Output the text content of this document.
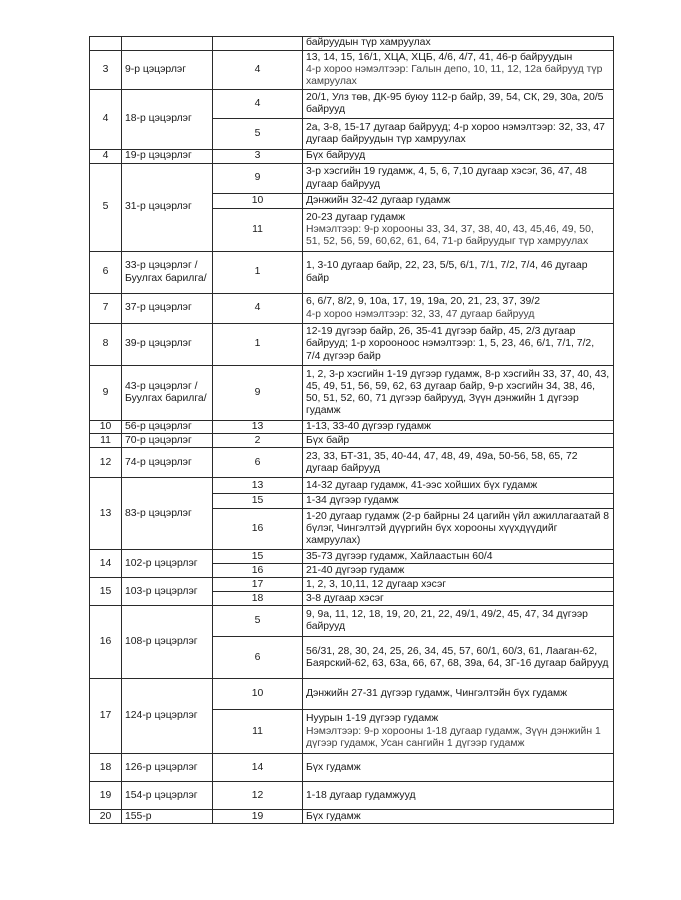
			байруудын түр хамруулах
3	9-р цэцэрлэг	4	13, 14, 15, 16/1, ХЦА, ХЦБ, 4/6, 4/7, 41, 46-р байруудын
4-р хороо нэмэлтээр: Галын депо, 10, 11, 12, 12а байрууд түр хамруулах
4	18-р цэцэрлэг	4	20/1, Улз төв, ДК-95 буюу 112-р байр, 39, 54, СК, 29, 30а, 20/5 байрууд
		5	2а, 3-8, 15-17 дугаар байрууд; 4-р хороо нэмэлтээр: 32, 33, 47 дугаар байруудын түр хамруулах
4	19-р цэцэрлэг	3	Бүх байрууд
5	31-р цэцэрлэг	9	3-р хэсгийн 19 гудамж, 4, 5, 6, 7,10 дугаар хэсэг, 36, 47, 48 дугаар байрууд
		10	Дэнжийн 32-42 дугаар гудамж
		11	20-23 дугаар гудамж
Нэмэлтээр: 9-р хорооны 33, 34, 37, 38, 40, 43, 45,46, 49, 50, 51, 52, 56, 59, 60,62, 61, 64, 71-р байруудыг түр хамруулах
6	33-р цэцэрлэг /Буулгах барилга/	1	1, 3-10 дугаар байр, 22, 23, 5/5, 6/1, 7/1, 7/2, 7/4, 46 дугаар байр
7	37-р цэцэрлэг	4	6, 6/7, 8/2, 9, 10а, 17, 19, 19а, 20, 21, 23, 37, 39/2
4-р хороо нэмэлтээр: 32, 33, 47 дугаар байрууд
8	39-р цэцэрлэг	1	12-19 дүгээр байр, 26, 35-41 дүгээр байр, 45, 2/3 дугаар байрууд; 1-р хорооноос нэмэлтээр: 1, 5, 23, 46, 6/1, 7/1, 7/2, 7/4 дүгээр байр
9	43-р цэцэрлэг /Буулгах барилга/	9	1, 2, 3-р хэсгийн 1-19 дүгээр гудамж, 8-р хэсгийн 33, 37, 40, 43, 45, 49, 51, 56, 59, 62, 63 дугаар байр, 9-р хэсгийн 34, 38, 46, 50, 51, 52, 60, 71 дүгээр байрууд, Зүүн дэнжийн 1 дүгээр гудамж
10	56-р цэцэрлэг	13	1-13, 33-40 дүгээр гудамж
11	70-р цэцэрлэг	2	Бүх байр
12	74-р цэцэрлэг	6	23, 33, БТ-31, 35, 40-44, 47, 48, 49, 49а, 50-56, 58, 65, 72 дугаар байрууд
13	83-р цэцэрлэг	13	14-32 дугаар гудамж, 41-ээс хойших бүх гудамж
		15	1-34 дүгээр гудамж
		16	1-20 дугаар гудамж (2-р байрны 24 цагийн үйл ажиллагаатай 8 бүлэг, Чингэлтэй дүүргийн бүх хорооны хүүхдүүдийг хамруулах)
14	102-р цэцэрлэг	15	35-73 дүгээр гудамж, Хайлаастын 60/4
		16	21-40 дүгээр гудамж
15	103-р цэцэрлэг	17	1, 2, 3, 10,11, 12 дугаар хэсэг
		18	3-8 дугаар хэсэг
16	108-р цэцэрлэг	5	9, 9а, 11, 12, 18, 19, 20, 21, 22, 49/1, 49/2, 45, 47, 34 дүгээр байрууд
		6	56/31, 28, 30, 24, 25, 26, 34, 45, 57, 60/1, 60/3, 61, Лааган-62, Баярский-62, 63, 63а, 66, 67, 68, 39а, 64, 3Г-16 дугаар байрууд
17	124-р цэцэрлэг	10	Дэнжийн 27-31 дүгээр гудамж, Чингэлтэйн бүх гудамж
		11	Нуурын 1-19 дүгээр гудамж
Нэмэлтээр: 9-р хорооны 1-18 дугаар гудамж, Зүүн дэнжийн 1 дүгээр гудамж, Усан сангийн 1 дүгээр гудамж
18	126-р цэцэрлэг	14	Бүх гудамж
19	154-р цэцэрлэг	12	1-18 дугаар гудамжууд
20	155-р	19	Бүх гудамж
